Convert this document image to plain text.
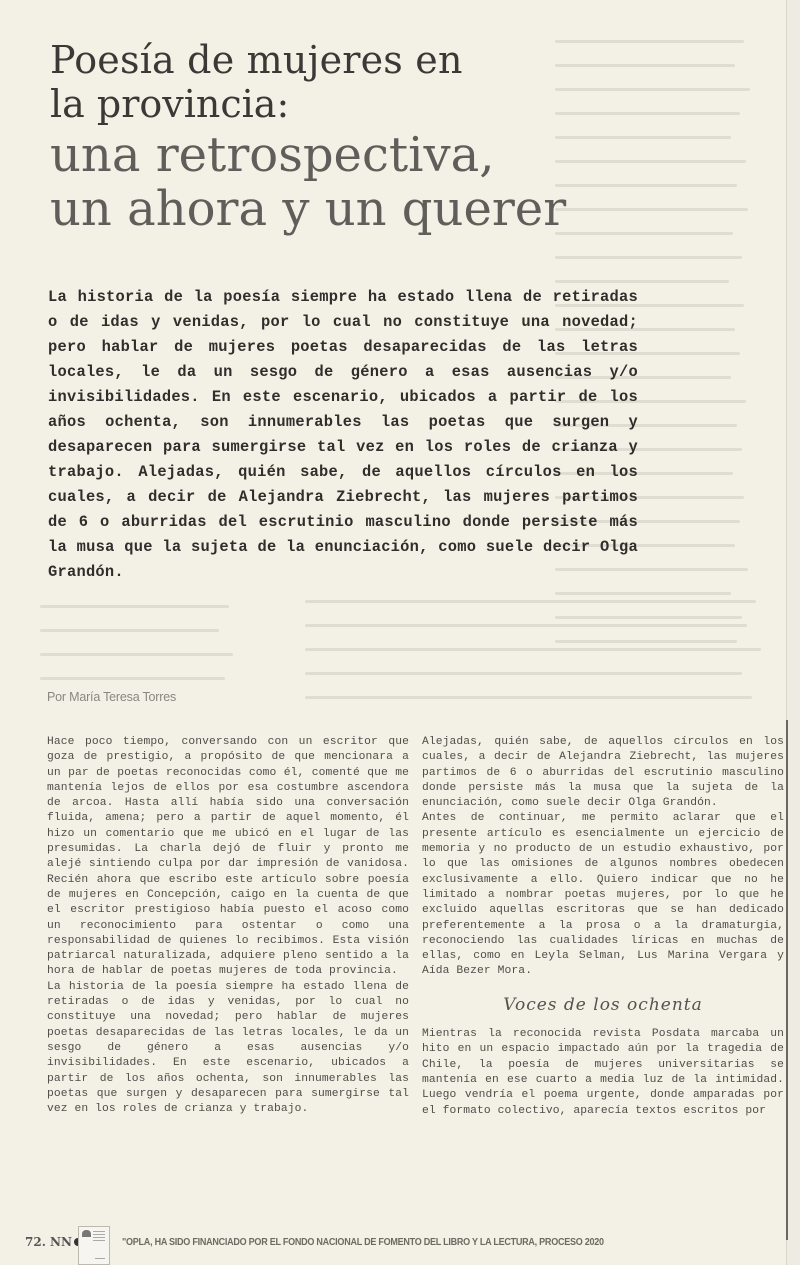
Poesía de mujeres en
la provincia:
una retrospectiva,
un ahora y un querer
La historia de la poesía siempre ha estado llena de retiradas o de idas y venidas, por lo cual no constituye una novedad; pero hablar de mujeres poetas desaparecidas de las letras locales, le da un sesgo de género a esas ausencias y/o invisibilidades. En este escenario, ubicados a partir de los años ochenta, son innumerables las poetas que surgen y desaparecen para sumergirse tal vez en los roles de crianza y trabajo. Alejadas, quién sabe, de aquellos círculos en los cuales, a decir de Alejandra Ziebrecht, las mujeres partimos de 6 o aburridas del escrutinio masculino donde persiste más la musa que la sujeta de la enunciación, como suele decir Olga Grandón.
Por María Teresa Torres

Hace poco tiempo, conversando con un escritor que goza de prestigio, a propósito de que mencionara a un par de poetas reconocidas como él, comenté que me mantenía lejos de ellos por esa costumbre ascendora de arcoa. Hasta allí había sido una conversación fluida, amena; pero a partir de aquel momento, él hizo un comentario que me ubicó en el lugar de las presumidas. La charla dejó de fluir y pronto me alejé sintiendo culpa por dar impresión de vanidosa. Recién ahora que escribo este artículo sobre poesía de mujeres en Concepción, caigo en la cuenta de que el escritor prestigioso había puesto el acoso como un reconocimiento para ostentar o como una responsabilidad de quienes lo recibimos. Esta visión patriarcal naturalizada, adquiere pleno sentido a la hora de hablar de poetas mujeres de toda provincia.

La historia de la poesía siempre ha estado llena de retiradas o de idas y venidas, por lo cual no constituye una novedad; pero hablar de mujeres poetas desaparecidas de las letras locales, le da un sesgo de género a esas ausencias y/o invisibilidades. En este escenario, ubicados a partir de los años ochenta, son innumerables las poetas que surgen y desaparecen para sumergirse tal vez en los roles de crianza y trabajo.

Alejadas, quién sabe, de aquellos círculos en los cuales, a decir de Alejandra Ziebrecht, las mujeres partimos de 6 o aburridas del escrutinio masculino donde persiste más la musa que la sujeta de la enunciación, como suele decir Olga Grandón.

Antes de continuar, me permito aclarar que el presente artículo es esencialmente un ejercicio de memoria y no producto de un estudio exhaustivo, por lo que las omisiones de algunos nombres obedecen exclusivamente a ello. Quiero indicar que no he limitado a nombrar poetas mujeres, por lo que he excluido aquellas escritoras que se han dedicado preferentemente a la prosa o a la dramaturgia, reconociendo las cualidades líricas en muchas de ellas, como en Leyla Selman, Lus Marina Vergara y Aída Bezer Mora.

Voces de los ochenta

Mientras la reconocida revista Posdata marcaba un hito en un espacio impactado aún por la tragedia de Chile, la poesía de mujeres universitarias se mantenía en ese cuarto a media luz de la intimidad. Luego vendría el poema urgente, donde amparadas por el formato colectivo, aparecía textos escritos por

72. NN	"OPLA, HA SIDO FINANCIADO POR EL FONDO NACIONAL DE FOMENTO DEL LIBRO Y LA LECTURA, PROCESO 2020
